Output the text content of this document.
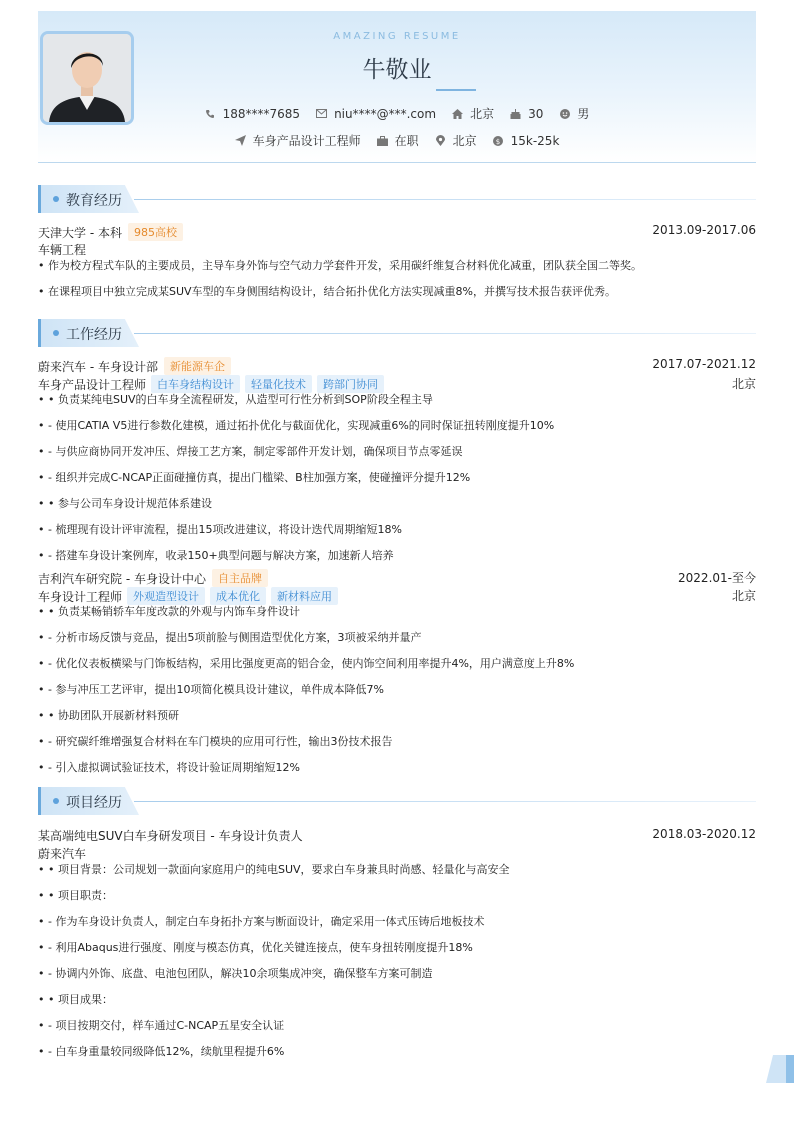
AMAZING RESUME
牛敬业
188****7685	niu****@***.com	北京	30	男
车身产品设计工程师	在职	北京	$ 15k-25k
教育经历
天津大学 - 本科	985高校	2013.09-2017.06
车辆工程
• 作为校方程式车队的主要成员，主导车身外饰与空气动力学套件开发，采用碳纤维复合材料优化减重，团队获全国二等奖。
• 在课程项目中独立完成某SUV车型的车身侧围结构设计，结合拓扑优化方法实现减重8%，并撰写技术报告获评优秀。
工作经历
蔚来汽车 - 车身设计部	新能源车企	2017.07-2021.12
车身产品设计工程师	白车身结构设计	轻量化技术	跨部门协同	北京
• • 负责某纯电SUV的白车身全流程研发，从造型可行性分析到SOP阶段全程主导
• - 使用CATIA V5进行参数化建模，通过拓扑优化与截面优化，实现减重6%的同时保证扭转刚度提升10%
• - 与供应商协同开发冲压、焊接工艺方案，制定零部件开发计划，确保项目节点零延误
• - 组织并完成C-NCAP正面碰撞仿真，提出门槛梁、B柱加强方案，使碰撞评分提升12%
• • 参与公司车身设计规范体系建设
• - 梳理现有设计评审流程，提出15项改进建议，将设计迭代周期缩短18%
• - 搭建车身设计案例库，收录150+典型问题与解决方案，加速新人培养
吉利汽车研究院 - 车身设计中心	自主品牌	2022.01-至今
车身设计工程师	外观造型设计	成本优化	新材料应用	北京
• • 负责某畅销轿车年度改款的外观与内饰车身件设计
• - 分析市场反馈与竞品，提出5项前脸与侧围造型优化方案，3项被采纳并量产
• - 优化仪表板横梁与门饰板结构，采用比强度更高的铝合金，使内饰空间利用率提升4%，用户满意度上升8%
• - 参与冲压工艺评审，提出10项简化模具设计建议，单件成本降低7%
• • 协助团队开展新材料预研
• - 研究碳纤维增强复合材料在车门模块的应用可行性，输出3份技术报告
• - 引入虚拟调试验证技术，将设计验证周期缩短12%
项目经历
某高端纯电SUV白车身研发项目 - 车身设计负责人	2018.03-2020.12
蔚来汽车
• • 项目背景：公司规划一款面向家庭用户的纯电SUV，要求白车身兼具时尚感、轻量化与高安全
• • 项目职责：
• - 作为车身设计负责人，制定白车身拓扑方案与断面设计，确定采用一体式压铸后地板技术
• - 利用Abaqus进行强度、刚度与模态仿真，优化关键连接点，使车身扭转刚度提升18%
• - 协调内外饰、底盘、电池包团队，解决10余项集成冲突，确保整车方案可制造
• • 项目成果：
• - 项目按期交付，样车通过C-NCAP五星安全认证
• - 白车身重量较同级降低12%，续航里程提升6%
